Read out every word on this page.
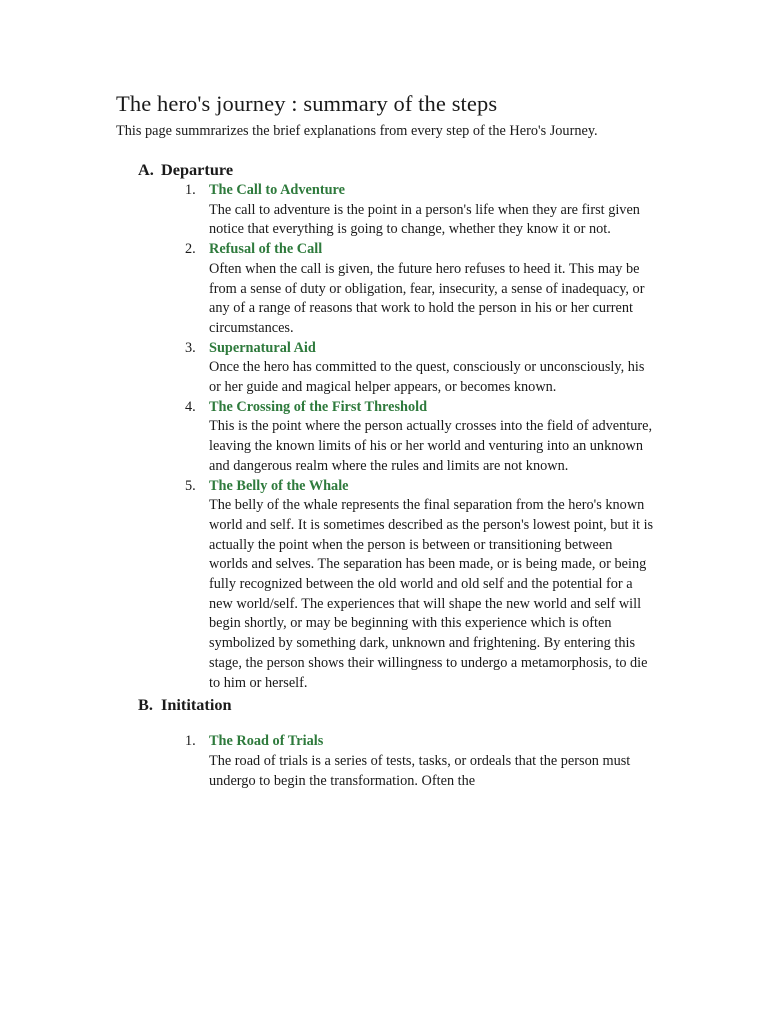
The hero's journey : summary of the steps

This page summrarizes the brief explanations from every step of the Hero's Journey.

A. Departure
1. The Call to Adventure
The call to adventure is the point in a person's life when they are first given notice that everything is going to change, whether they know it or not.
2. Refusal of the Call
Often when the call is given, the future hero refuses to heed it. This may be from a sense of duty or obligation, fear, insecurity, a sense of inadequacy, or any of a range of reasons that work to hold the person in his or her current circumstances.
3. Supernatural Aid
Once the hero has committed to the quest, consciously or unconsciously, his or her guide and magical helper appears, or becomes known.
4. The Crossing of the First Threshold
This is the point where the person actually crosses into the field of adventure, leaving the known limits of his or her world and venturing into an unknown and dangerous realm where the rules and limits are not known.
5. The Belly of the Whale
The belly of the whale represents the final separation from the hero's known world and self. It is sometimes described as the person's lowest point, but it is actually the point when the person is between or transitioning between worlds and selves. The separation has been made, or is being made, or being fully recognized between the old world and old self and the potential for a new world/self. The experiences that will shape the new world and self will begin shortly, or may be beginning with this experience which is often symbolized by something dark, unknown and frightening. By entering this stage, the person shows their willingness to undergo a metamorphosis, to die to him or herself.
B. Inititation
1. The Road of Trials
The road of trials is a series of tests, tasks, or ordeals that the person must undergo to begin the transformation. Often the
